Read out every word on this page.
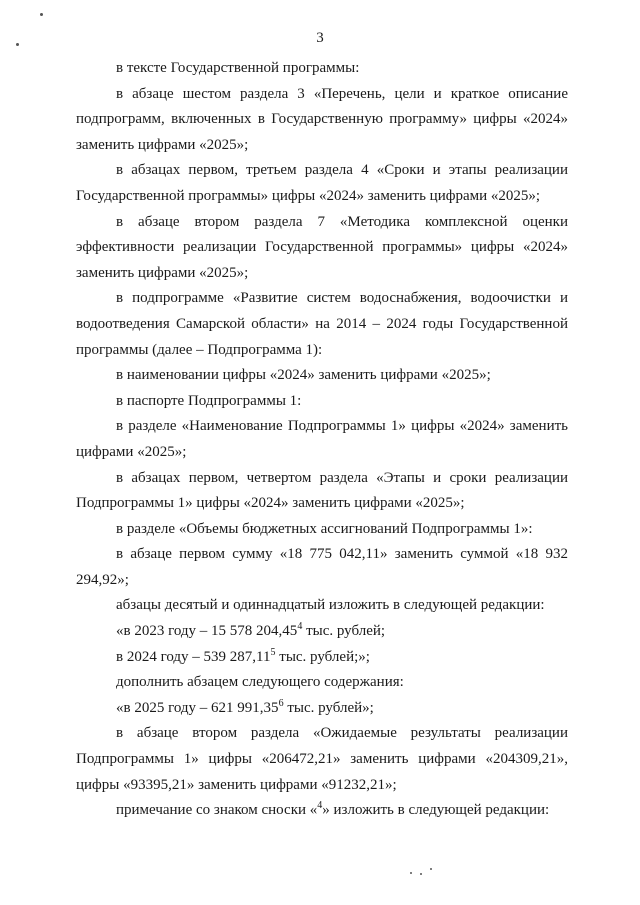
3

в тексте Государственной программы:

в абзаце шестом раздела 3 «Перечень, цели и краткое описание подпрограмм, включенных в Государственную программу» цифры «2024» заменить цифрами «2025»;

в абзацах первом, третьем раздела 4 «Сроки и этапы реализации Государственной программы» цифры «2024» заменить цифрами «2025»;

в абзаце втором раздела 7 «Методика комплексной оценки эффективности реализации Государственной программы» цифры «2024» заменить цифрами «2025»;

в подпрограмме «Развитие систем водоснабжения, водоочистки и водоотведения Самарской области» на 2014 – 2024 годы Государственной программы (далее – Подпрограмма 1):

в наименовании цифры «2024» заменить цифрами «2025»;

в паспорте Подпрограммы 1:

в разделе «Наименование Подпрограммы 1» цифры «2024» заменить цифрами «2025»;

в абзацах первом, четвертом раздела «Этапы и сроки реализации Подпрограммы 1» цифры «2024» заменить цифрами «2025»;

в разделе «Объемы бюджетных ассигнований Подпрограммы 1»:

в абзаце первом сумму «18 775 042,11» заменить суммой «18 932 294,92»;

абзацы десятый и одиннадцатый изложить в следующей редакции:

«в 2023 году – 15 578 204,45$^4$ тыс. рублей;

в 2024 году – 539 287,11$^5$ тыс. рублей;»;

дополнить абзацем следующего содержания:

«в 2025 году – 621 991,35$^6$ тыс. рублей»;

в абзаце втором раздела «Ожидаемые результаты реализации Подпрограммы 1» цифры «206472,21» заменить цифрами «204309,21», цифры «93395,21» заменить цифрами «91232,21»;

примечание со знаком сноски «$^4$» изложить в следующей редакции:
